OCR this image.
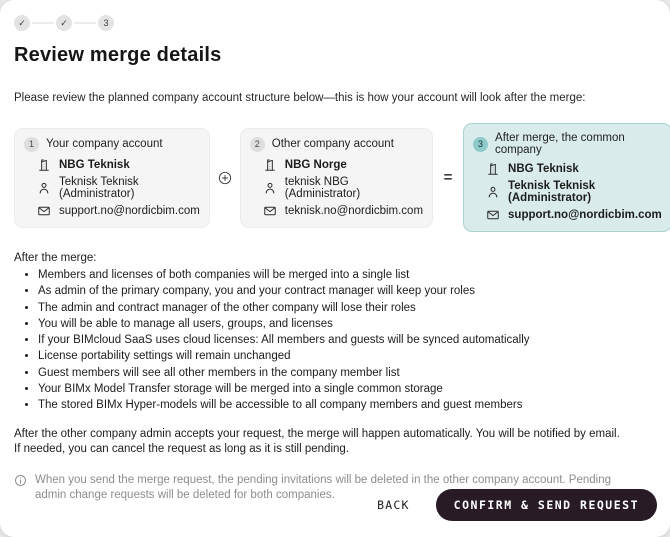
✓	✓	3
Review merge details

Please review the planned company account structure below—this is how your account will look after the merge:

1	Your company account
NBG Teknisk
Teknisk Teknisk (Administrator)
support.no@nordicbim.com
2	Other company account
NBG Norge
teknisk NBG (Administrator)
teknisk.no@nordicbim.com
=
3	After merge, the common company
NBG Teknisk
Teknisk Teknisk (Administrator)
support.no@nordicbim.com
After the merge:
• Members and licenses of both companies will be merged into a single list
• As admin of the primary company, you and your contract manager will keep your roles
• The admin and contract manager of the other company will lose their roles
• You will be able to manage all users, groups, and licenses
• If your BIMcloud SaaS uses cloud licenses: All members and guests will be synced automatically
• License portability settings will remain unchanged
• Guest members will see all other members in the company member list
• Your BIMx Model Transfer storage will be merged into a single common storage
• The stored BIMx Hyper-models will be accessible to all company members and guest members

After the other company admin accepts your request, the merge will happen automatically. You will be notified by email.
If needed, you can cancel the request as long as it is still pending.

When you send the merge request, the pending invitations will be deleted in the other company account. Pending admin change requests will be deleted for both companies.
BACK	CONFIRM & SEND REQUEST
